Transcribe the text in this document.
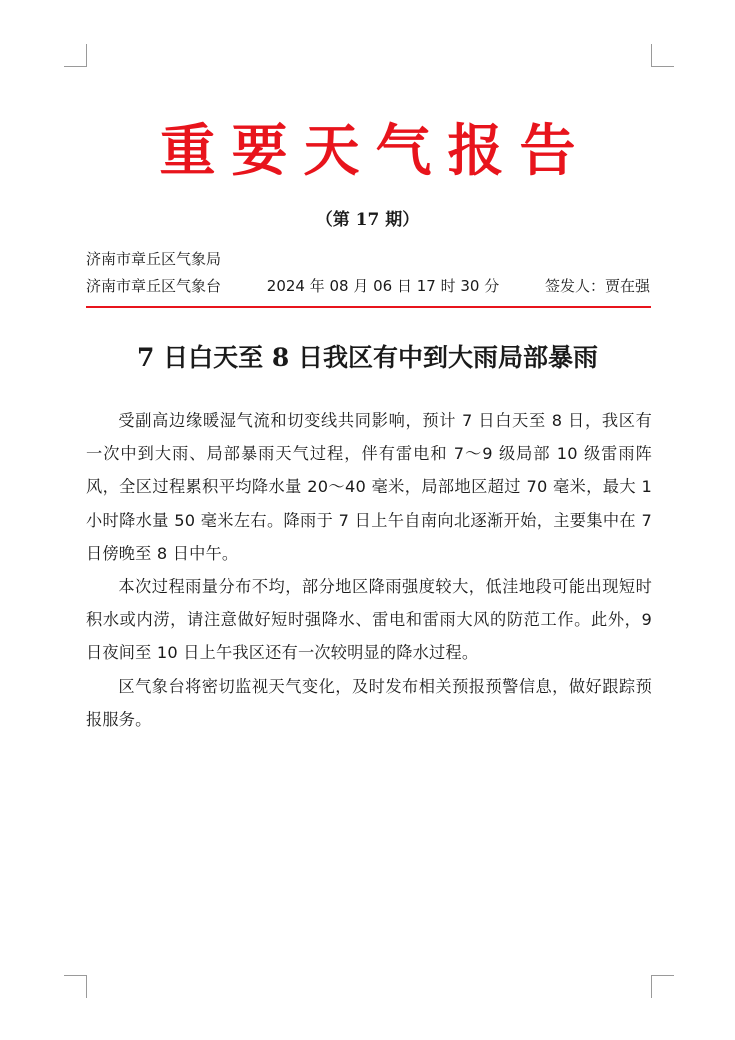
重要天气报告
（第 17 期）
济南市章丘区气象局
济南市章丘区气象台	2024 年 08 月 06 日 17 时 30 分	签发人：贾在强
7 日白天至 8 日我区有中到大雨局部暴雨

受副高边缘暖湿气流和切变线共同影响，预计 7 日白天至 8 日，我区有一次中到大雨、局部暴雨天气过程，伴有雷电和 7～9 级局部 10 级雷雨阵风，全区过程累积平均降水量 20～40 毫米，局部地区超过 70 毫米，最大 1 小时降水量 50 毫米左右。降雨于 7 日上午自南向北逐渐开始，主要集中在 7 日傍晚至 8 日中午。

本次过程雨量分布不均，部分地区降雨强度较大，低洼地段可能出现短时积水或内涝，请注意做好短时强降水、雷电和雷雨大风的防范工作。此外，9 日夜间至 10 日上午我区还有一次较明显的降水过程。

区气象台将密切监视天气变化，及时发布相关预报预警信息，做好跟踪预报服务。
